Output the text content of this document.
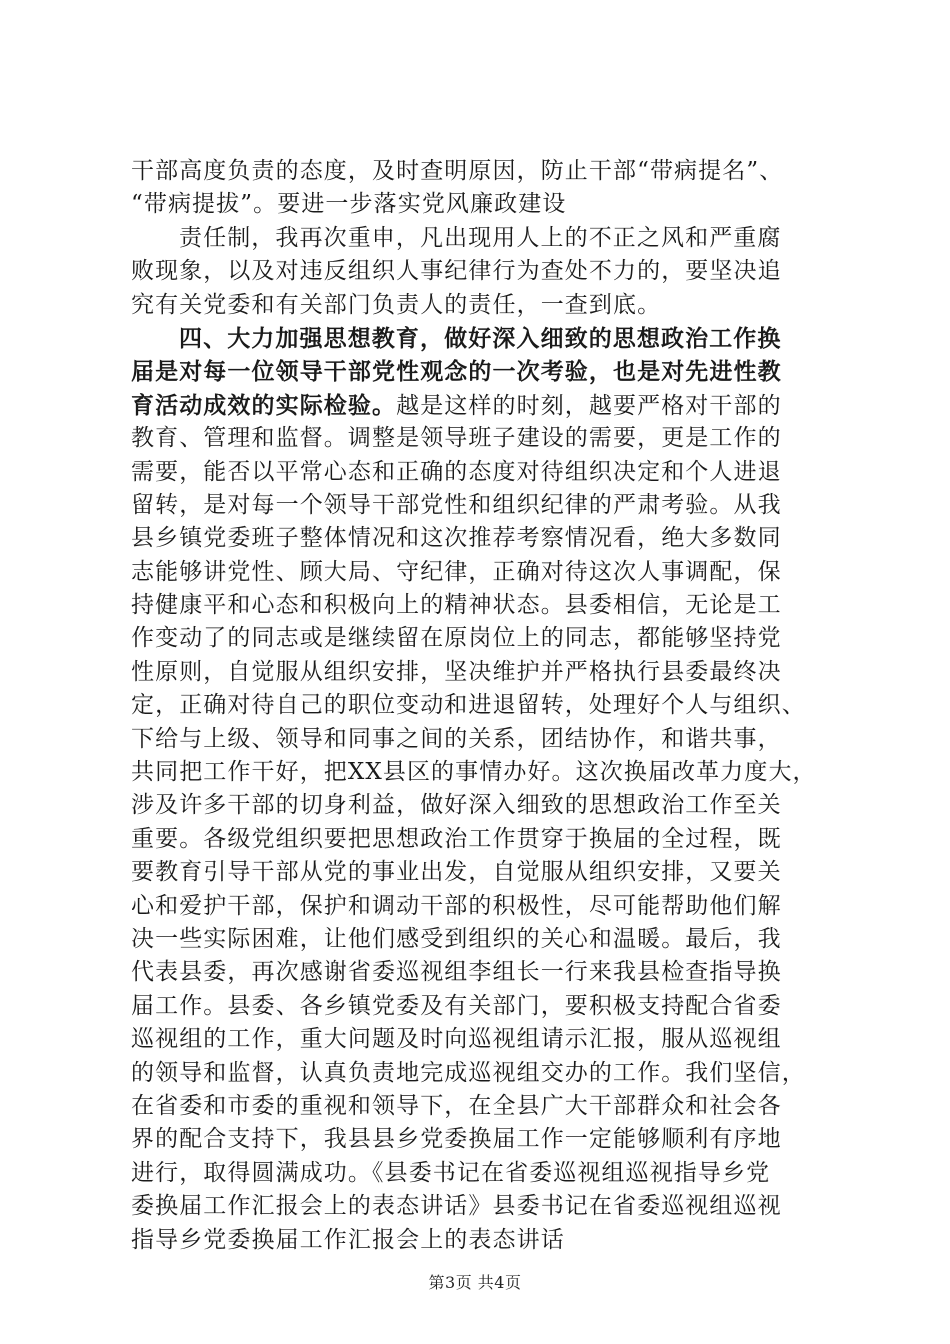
干部高度负责的态度，及时查明原因，防止干部“带病提名”、
“带病提拔”。要进一步落实党风廉政建设
责任制，我再次重申，凡出现用人上的不正之风和严重腐
败现象，以及对违反组织人事纪律行为查处不力的，要坚决追
究有关党委和有关部门负责人的责任，一查到底。
四、大力加强思想教育，做好深入细致的思想政治工作换
届是对每一位领导干部党性观念的一次考验，也是对先进性教
育活动成效的实际检验。越是这样的时刻，越要严格对干部的
教育、管理和监督。调整是领导班子建设的需要，更是工作的
需要，能否以平常心态和正确的态度对待组织决定和个人进退
留转，是对每一个领导干部党性和组织纪律的严肃考验。从我
县乡镇党委班子整体情况和这次推荐考察情况看，绝大多数同
志能够讲党性、顾大局、守纪律，正确对待这次人事调配，保
持健康平和心态和积极向上的精神状态。县委相信，无论是工
作变动了的同志或是继续留在原岗位上的同志，都能够坚持党
性原则，自觉服从组织安排，坚决维护并严格执行县委最终决
定，正确对待自己的职位变动和进退留转，处理好个人与组织、
下给与上级、领导和同事之间的关系，团结协作，和谐共事，
共同把工作干好，把XX县区的事情办好。这次换届改革力度大，
涉及许多干部的切身利益，做好深入细致的思想政治工作至关
重要。各级党组织要把思想政治工作贯穿于换届的全过程，既
要教育引导干部从党的事业出发，自觉服从组织安排，又要关
心和爱护干部，保护和调动干部的积极性，尽可能帮助他们解
决一些实际困难，让他们感受到组织的关心和温暖。最后，我
代表县委，再次感谢省委巡视组李组长一行来我县检查指导换
届工作。县委、各乡镇党委及有关部门，要积极支持配合省委
巡视组的工作，重大问题及时向巡视组请示汇报，服从巡视组
的领导和监督，认真负责地完成巡视组交办的工作。我们坚信，
在省委和市委的重视和领导下，在全县广大干部群众和社会各
界的配合支持下，我县县乡党委换届工作一定能够顺利有序地
进行，取得圆满成功。《县委书记在省委巡视组巡视指导乡党
委换届工作汇报会上的表态讲话》县委书记在省委巡视组巡视
指导乡党委换届工作汇报会上的表态讲话
第3页 共4页
